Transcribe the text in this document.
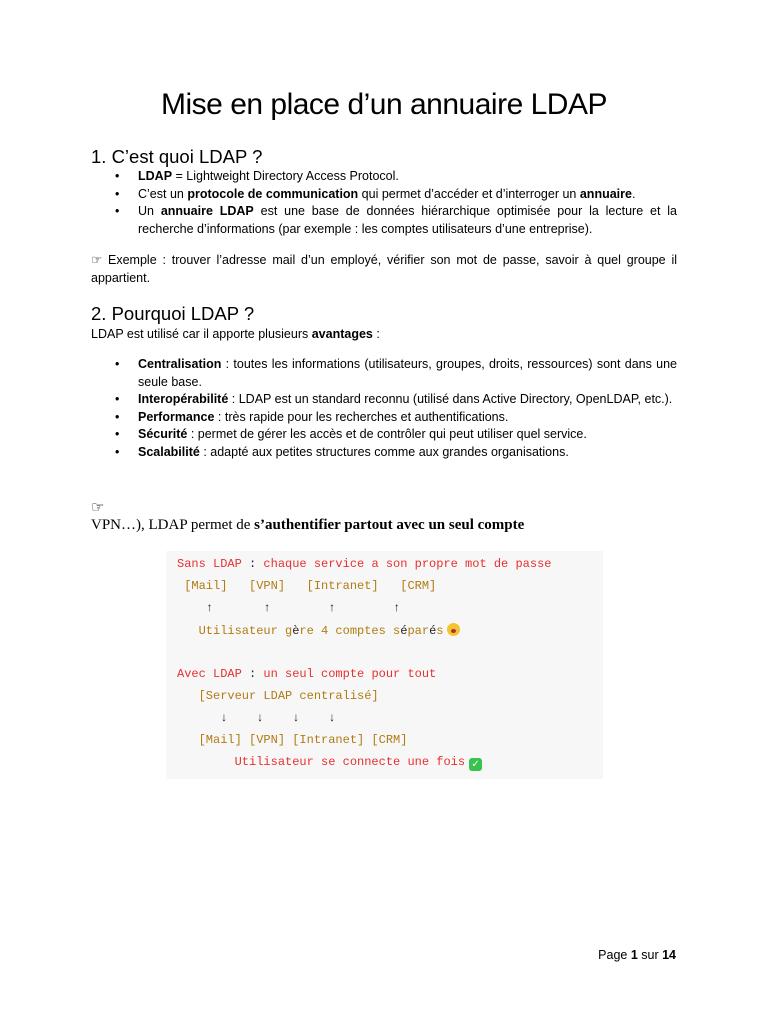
Mise en place d’un annuaire LDAP
1. C’est quoi LDAP ?
• LDAP = Lightweight Directory Access Protocol.
• C’est un protocole de communication qui permet d’accéder et d’interroger un annuaire.
• Un annuaire LDAP est une base de données hiérarchique optimisée pour la lecture et la recherche d’informations (par exemple : les comptes utilisateurs d’une entreprise).

☞ Exemple : trouver l’adresse mail d’un employé, vérifier son mot de passe, savoir à quel groupe il appartient.

2. Pourquoi LDAP ?

LDAP est utilisé car il apporte plusieurs avantages :

• Centralisation : toutes les informations (utilisateurs, groupes, droits, ressources) sont dans une seule base.
• Interopérabilité : LDAP est un standard reconnu (utilisé dans Active Directory, OpenLDAP, etc.).
• Performance : très rapide pour les recherches et authentifications.
• Sécurité : permet de gérer les accès et de contrôler qui peut utiliser quel service.
• Scalabilité : adapté aux petites structures comme aux grandes organisations.
☞
VPN…), LDAP permet de s’authentifier partout avec un seul compte
Sans LDAP : chaque service a son propre mot de passe
[Mail]   [VPN]   [Intranet]   [CRM]
↑       ↑        ↑        ↑
Utilisateur gère 4 comptes séparés
Avec LDAP : un seul compte pour tout
[Serveur LDAP centralisé]
↓    ↓    ↓    ↓
[Mail] [VPN] [Intranet] [CRM]
Utilisateur se connecte une fois ✓
Page 1 sur 14
